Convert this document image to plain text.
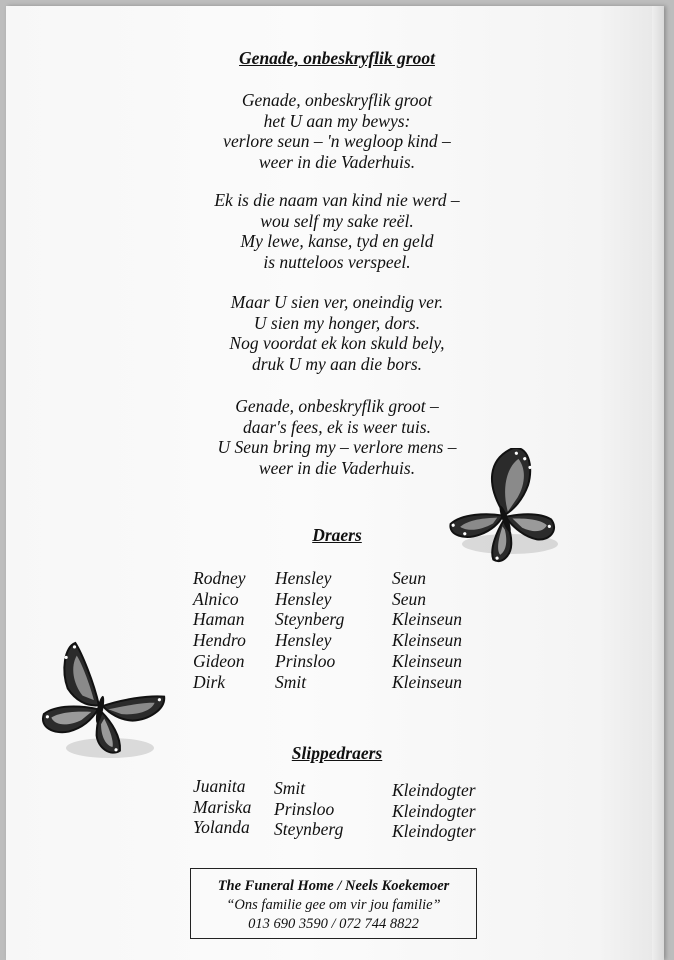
Genade, onbeskryflik groot
Genade, onbeskryflik groot
het U aan my bewys:
verlore seun – 'n wegloop kind –
weer in die Vaderhuis.
Ek is die naam van kind nie werd –
wou self my sake reël.
My lewe, kanse, tyd en geld
is nutteloos verspeel.
Maar U sien ver, oneindig ver.
U sien my honger, dors.
Nog voordat ek kon skuld bely,
druk U my aan die bors.
Genade, onbeskryflik groot –
daar's fees, ek is weer tuis.
U Seun bring my – verlore mens –
weer in die Vaderhuis.
Draers
Rodney
Alnico
Haman
Hendro
Gideon
Dirk
Hensley
Hensley
Steynberg
Hensley
Prinsloo
Smit
Seun
Seun
Kleinseun
Kleinseun
Kleinseun
Kleinseun
Slippedraers
Juanita
Mariska
Yolanda
Smit
Prinsloo
Steynberg
Kleindogter
Kleindogter
Kleindogter
The Funeral Home / Neels Koekemoer
“Ons familie gee om vir jou familie”
013 690 3590 / 072 744 8822
